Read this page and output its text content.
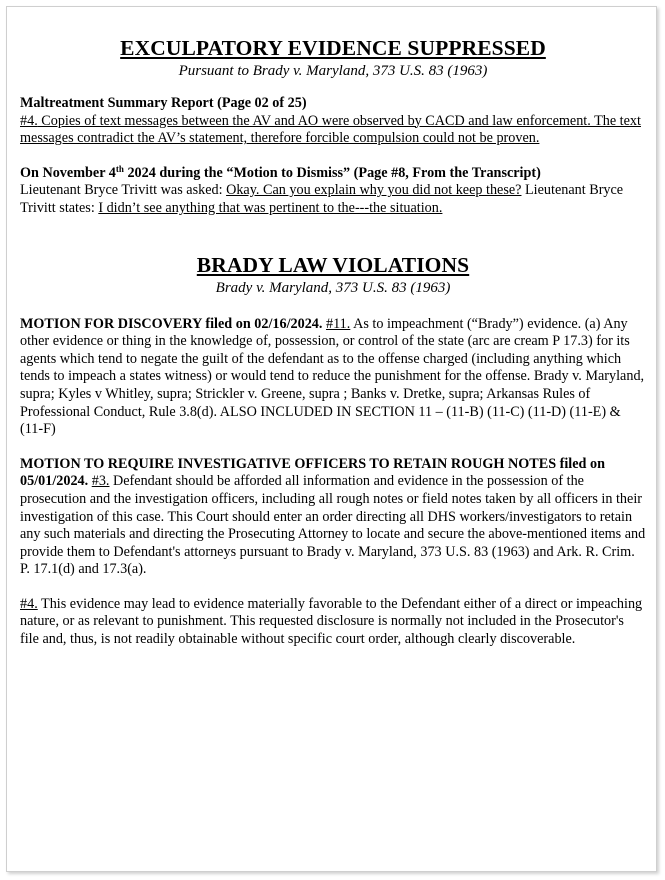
EXCULPATORY EVIDENCE SUPPRESSED
Pursuant to Brady v. Maryland, 373 U.S. 83 (1963)

Maltreatment Summary Report (Page 02 of 25)
#4. Copies of text messages between the AV and AO were observed by CACD and law enforcement. The text messages contradict the AV’s statement, therefore forcible compulsion could not be proven.

On November 4th 2024 during the “Motion to Dismiss” (Page #8, From the Transcript)
Lieutenant Bryce Trivitt was asked: Okay. Can you explain why you did not keep these? Lieutenant Bryce Trivitt states: I didn’t see anything that was pertinent to the---the situation.

BRADY LAW VIOLATIONS
Brady v. Maryland, 373 U.S. 83 (1963)

MOTION FOR DISCOVERY filed on 02/16/2024. #11. As to impeachment (“Brady”) evidence. (a) Any other evidence or thing in the knowledge of, possession, or control of the state (arc are cream P 17.3) for its agents which tend to negate the guilt of the defendant as to the offense charged (including anything which tends to impeach a states witness) or would tend to reduce the punishment for the offense. Brady v. Maryland, supra; Kyles v Whitley, supra; Strickler v. Greene, supra ; Banks v. Dretke, supra; Arkansas Rules of Professional Conduct, Rule 3.8(d). ALSO INCLUDED IN SECTION 11 – (11-B) (11-C) (11-D) (11-E) & (11-F)

MOTION TO REQUIRE INVESTIGATIVE OFFICERS TO RETAIN ROUGH NOTES filed on 05/01/2024. #3. Defendant should be afforded all information and evidence in the possession of the prosecution and the investigation officers, including all rough notes or field notes taken by all officers in their investigation of this case. This Court should enter an order directing all DHS workers/investigators to retain any such materials and directing the Prosecuting Attorney to locate and secure the above-mentioned items and provide them to Defendant's attorneys pursuant to Brady v. Maryland, 373 U.S. 83 (1963) and Ark. R. Crim. P. 17.1(d) and 17.3(a).

#4. This evidence may lead to evidence materially favorable to the Defendant either of a direct or impeaching nature, or as relevant to punishment. This requested disclosure is normally not included in the Prosecutor's file and, thus, is not readily obtainable without specific court order, although clearly discoverable.
